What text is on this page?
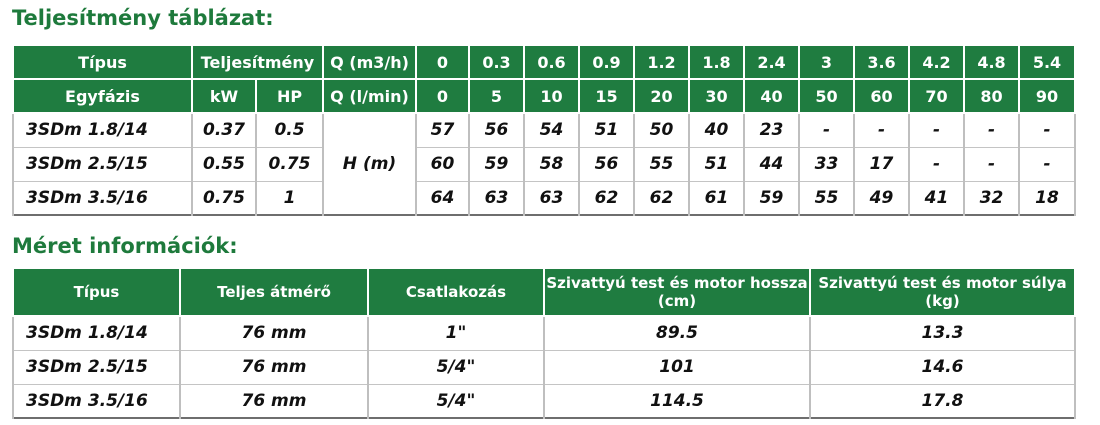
Teljesítmény táblázat:
Típus	Teljesítmény		Q (m3/h)	0	0.3	0.6	0.9	1.2	1.8	2.4	3	3.6	4.2	4.8	5.4
Egyfázis	kW	HP	Q (l/min)	0	5	10	15	20	30	40	50	60	70	80	90
3SDm 1.8/14	0.37	0.5	H (m)	57	56	54	51	50	40	23	-	-	-	-	-
3SDm 2.5/15	0.55	0.75		60	59	58	56	55	51	44	33	17	-	-	-
3SDm 3.5/16	0.75	1		64	63	63	62	62	61	59	55	49	41	32	18
Méret információk:
Típus	Teljes átmérő	Csatlakozás	Szivattyú test és motor hossza (cm)	Szivattyú test és motor súlya (kg)
3SDm 1.8/14	76 mm	1"	89.5	13.3
3SDm 2.5/15	76 mm	5/4"	101	14.6
3SDm 3.5/16	76 mm	5/4"	114.5	17.8
